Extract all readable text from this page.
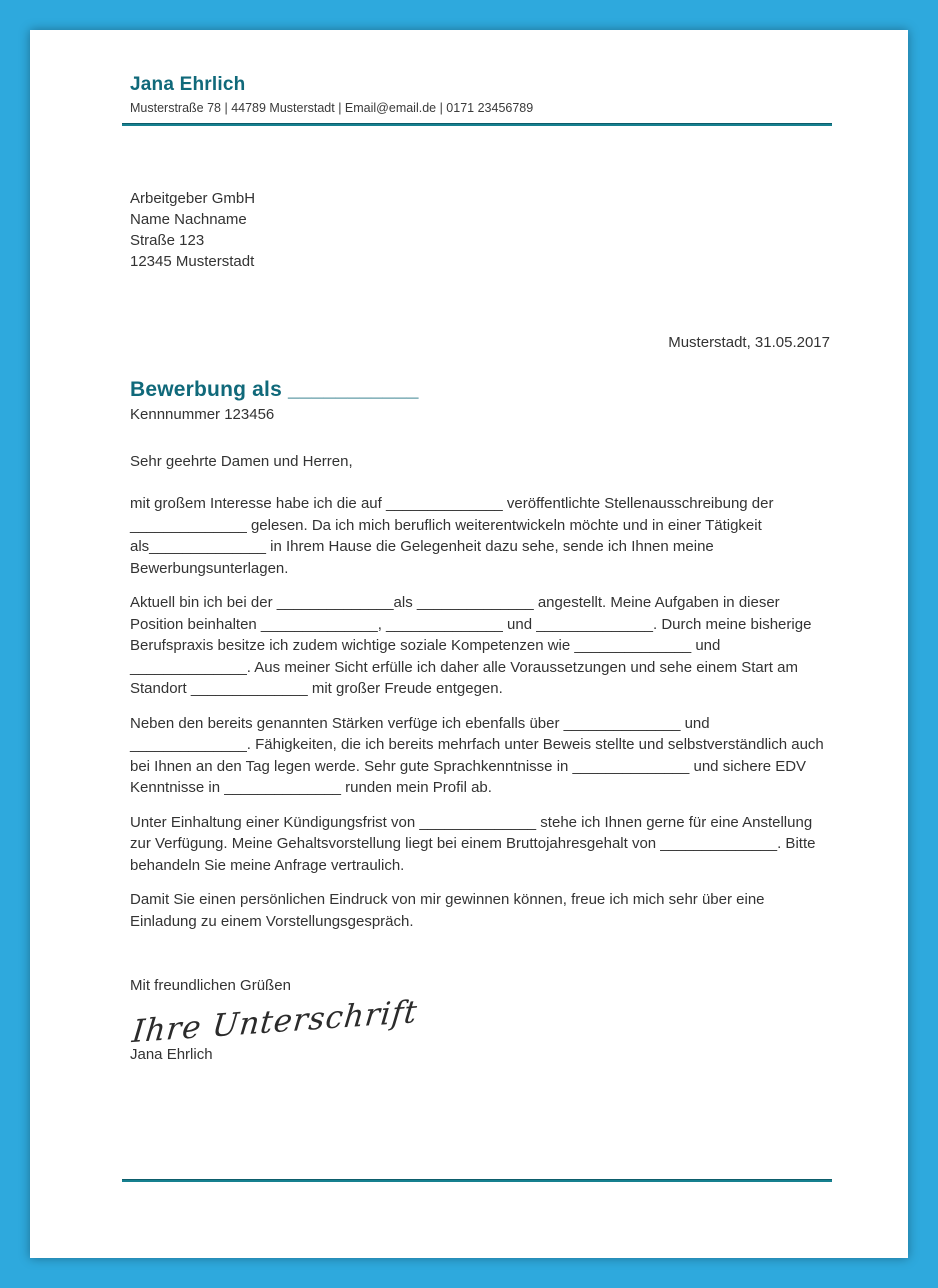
Jana Ehrlich
Musterstraße 78 | 44789 Musterstadt | Email@email.de | 0171 23456789
Arbeitgeber GmbH
Name Nachname
Straße 123
12345 Musterstadt
Musterstadt, 31.05.2017
Bewerbung als ___________
Kennnummer 123456

Sehr geehrte Damen und Herren,

mit großem Interesse habe ich die auf ______________ veröffentlichte Stellenausschreibung der ______________ gelesen. Da ich mich beruflich weiterentwickeln möchte und in einer Tätigkeit als______________ in Ihrem Hause die Gelegenheit dazu sehe, sende ich Ihnen meine Bewerbungsunterlagen.

Aktuell bin ich bei der ______________als ______________ angestellt. Meine Aufgaben in dieser Position beinhalten ______________, ______________ und ______________. Durch meine bisherige Berufspraxis besitze ich zudem wichtige soziale Kompetenzen wie ______________ und ______________. Aus meiner Sicht erfülle ich daher alle Voraussetzungen und sehe einem Start am Standort ______________ mit großer Freude entgegen.

Neben den bereits genannten Stärken verfüge ich ebenfalls über ______________ und ______________. Fähigkeiten, die ich bereits mehrfach unter Beweis stellte und selbstverständlich auch bei Ihnen an den Tag legen werde. Sehr gute Sprachkenntnisse in ______________ und sichere EDV Kenntnisse in ______________ runden mein Profil ab.

Unter Einhaltung einer Kündigungsfrist von ______________ stehe ich Ihnen gerne für eine Anstellung zur Verfügung. Meine Gehaltsvorstellung liegt bei einem Bruttojahresgehalt von ______________. Bitte behandeln Sie meine Anfrage vertraulich.

Damit Sie einen persönlichen Eindruck von mir gewinnen können, freue ich mich sehr über eine Einladung zu einem Vorstellungsgespräch.

Mit freundlichen Grüßen

Ihre Unterschrift
Jana Ehrlich
